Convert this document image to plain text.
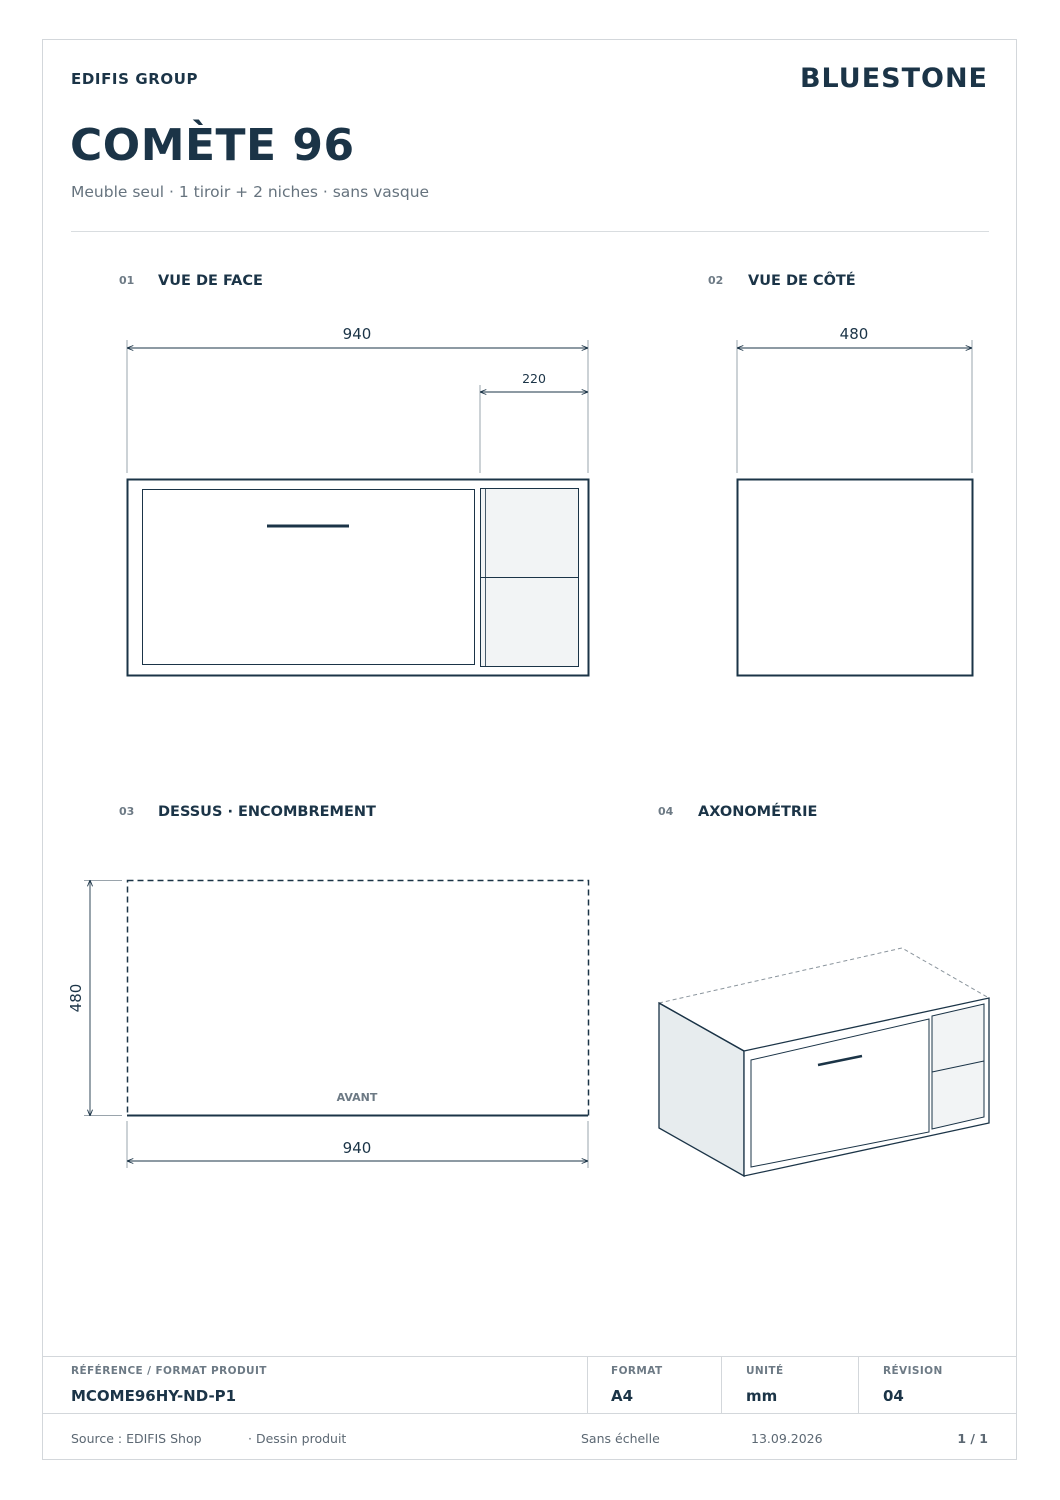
EDIFIS GROUP	BLUESTONE
COMÈTE 96
Meuble seul · 1 tiroir + 2 niches · sans vasque
01 VUE DE FACE	02 VUE DE CÔTÉ
03 DESSUS · ENCOMBREMENT	04 AXONOMÉTRIE
940
220
480
AVANT
480
940
RÉFÉRENCE / FORMAT PRODUIT
MCOME96HY-ND-P1
FORMAT
A4
UNITÉ
mm
RÉVISION
04
Source : EDIFIS Shop	· Dessin produit	Sans échelle	13.09.2026	1 / 1
